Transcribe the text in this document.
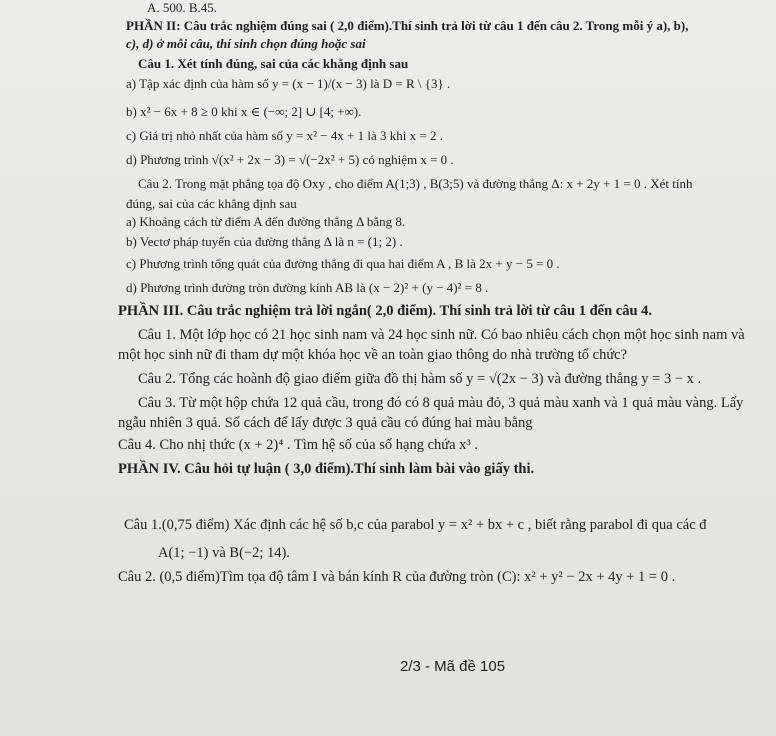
A. 500. B.45.
PHẦN II: Câu trắc nghiệm đúng sai ( 2,0 điểm).Thí sinh trả lời từ câu 1 đến câu 2. Trong mỗi ý a), b),
c), d) ở mỗi câu, thí sinh chọn đúng hoặc sai
Câu 1. Xét tính đúng, sai của các khẳng định sau
a) Tập xác định của hàm số y = (x − 1)/(x − 3) là D = R \ {3} .
b) x² − 6x + 8 ≥ 0 khi x ∈ (−∞; 2] ∪ [4; +∞).
c) Giá trị nhỏ nhất của hàm số y = x² − 4x + 1 là 3 khi x = 2 .
d) Phương trình √(x² + 2x − 3) = √(−2x² + 5) có nghiệm x = 0 .
Câu 2. Trong mặt phẳng tọa độ Oxy , cho điểm A(1;3) , B(3;5) và đường thẳng Δ: x + 2y + 1 = 0 . Xét tính
đúng, sai của các khẳng định sau
a) Khoảng cách từ điểm A đến đường thẳng Δ bằng 8.
b) Vectơ pháp tuyến của đường thẳng Δ là n = (1; 2) .
c) Phương trình tổng quát của đường thẳng đi qua hai điểm A , B là 2x + y − 5 = 0 .
d) Phương trình đường tròn đường kính AB là (x − 2)² + (y − 4)² = 8 .
PHẦN III. Câu trắc nghiệm trả lời ngắn( 2,0 điểm). Thí sinh trả lời từ câu 1 đến câu 4.
Câu 1. Một lớp học có 21 học sinh nam và 24 học sinh nữ. Có bao nhiêu cách chọn một học sinh nam và
một học sinh nữ đi tham dự một khóa học về an toàn giao thông do nhà trường tổ chức?
Câu 2. Tổng các hoành độ giao điểm giữa đồ thị hàm số y = √(2x − 3) và đường thẳng y = 3 − x .
Câu 3. Từ một hộp chứa 12 quả cầu, trong đó có 8 quả màu đỏ, 3 quả màu xanh và 1 quả màu vàng. Lấy
ngẫu nhiên 3 quả. Số cách để lấy được 3 quả cầu có đúng hai màu bằng
Câu 4. Cho nhị thức (x + 2)⁴ . Tìm hệ số của số hạng chứa x³ .
PHẦN IV. Câu hỏi tự luận ( 3,0 điểm).Thí sinh làm bài vào giấy thi.
Câu 1.(0,75 điểm) Xác định các hệ số b,c của parabol y = x² + bx + c , biết rằng parabol đi qua các đ
A(1; −1) và B(−2; 14).
Câu 2. (0,5 điểm)Tìm tọa độ tâm I và bán kính R của đường tròn (C): x² + y² − 2x + 4y + 1 = 0 .
2/3 - Mã đề 105
